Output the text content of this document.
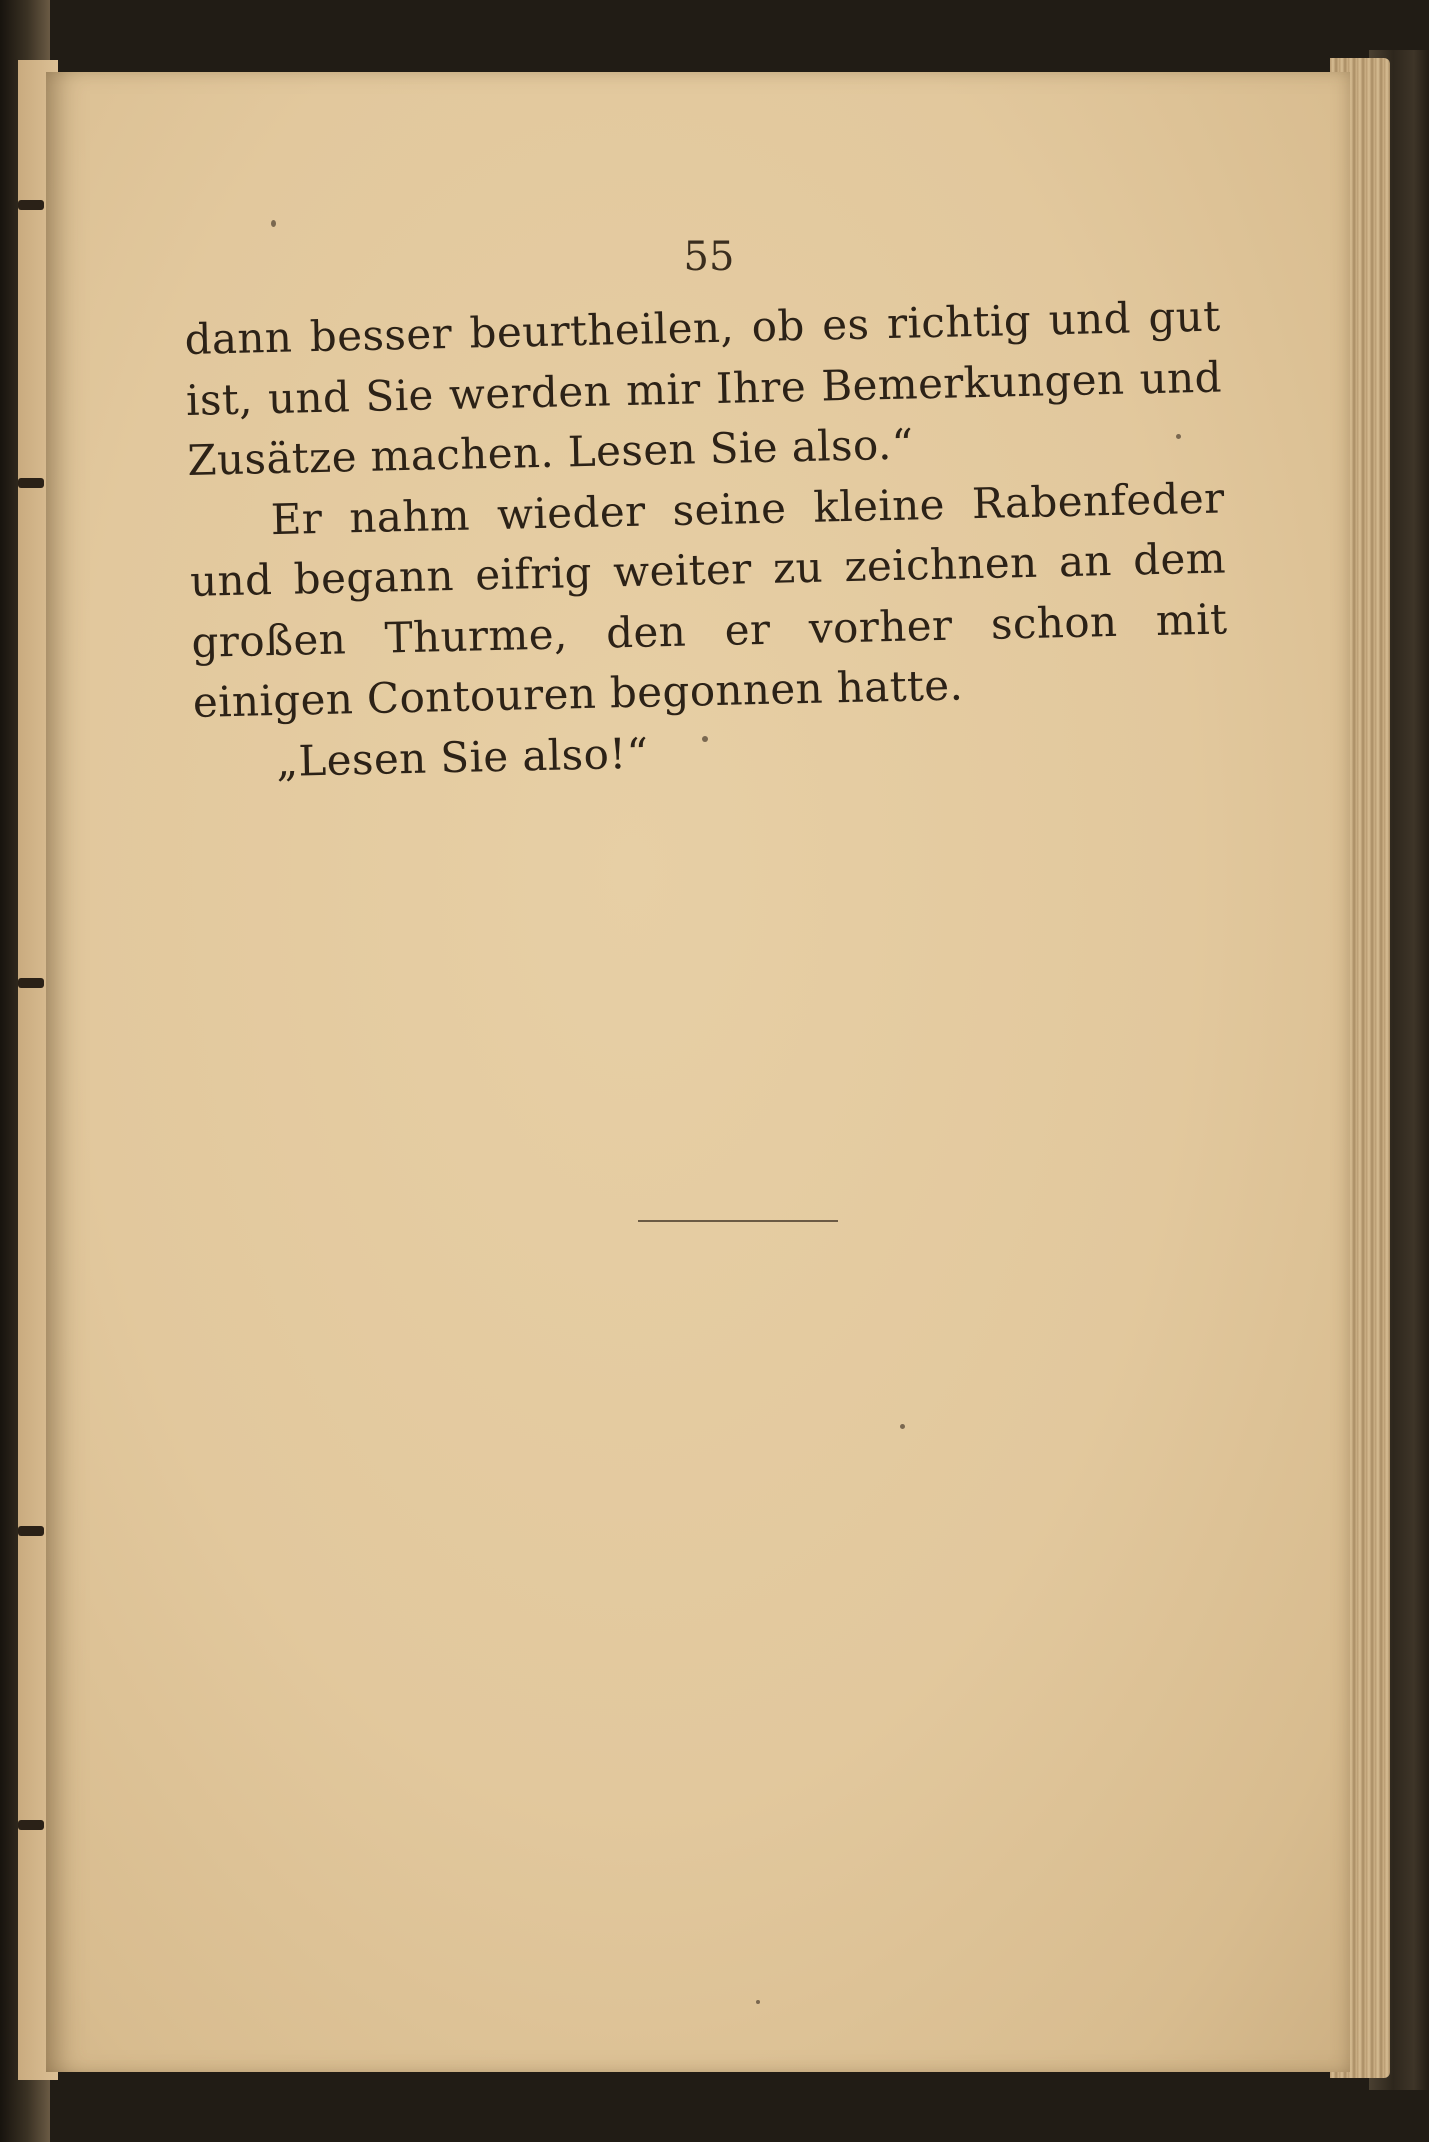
55

dann besser beurtheilen, ob es richtig und gut ist, und Sie werden mir Ihre Bemerkungen und Zusätze machen. Lesen Sie also.“

Er nahm wieder seine kleine Rabenfeder und begann eifrig weiter zu zeichnen an dem großen Thurme, den er vorher schon mit einigen Contouren begonnen hatte.

„Lesen Sie also!“
